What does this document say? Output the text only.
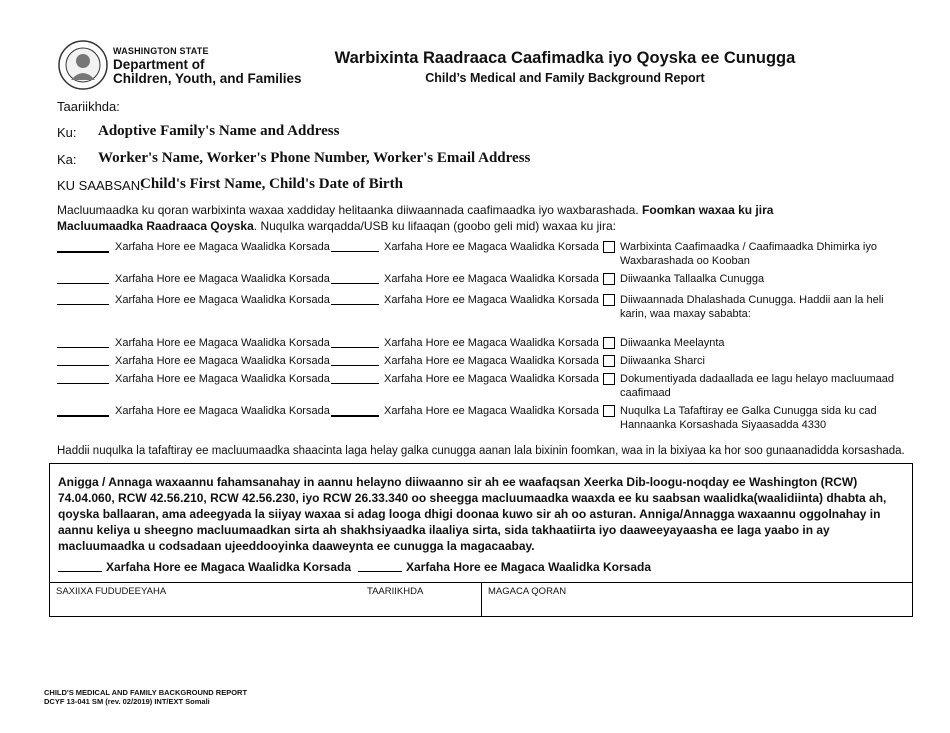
WASHINGTON STATE
Department of
Children, Youth, and Families
Warbixinta Raadraaca Caafimadka iyo Qoyska ee Cunugga
Child’s Medical and Family Background Report
Taariikhda:
Ku: Adoptive Family's Name and Address
Ka: Worker's Name, Worker's Phone Number, Worker's Email Address
KU SAABSAN:
Child's First Name, Child's Date of Birth
Macluumaadka ku qoran warbixinta waxaa xaddiday helitaanka diiwaannada caafimaadka iyo waxbarashada. Foomkan waxaa ku jira Macluumaadka Raadraaca Qoyska. Nuqulka warqadda/USB ku lifaaqan (goobo geli mid) waxaa ku jira:
Xarfaha Hore ee Magaca Waalidka Korsada	Xarfaha Hore ee Magaca Waalidka Korsada Warbixinta Caafimaadka / Caafimaadka Dhimirka iyo Waxbarashada oo Kooban
Xarfaha Hore ee Magaca Waalidka Korsada	Xarfaha Hore ee Magaca Waalidka Korsada Diiwaanka Tallaalka Cunugga
Xarfaha Hore ee Magaca Waalidka Korsada	Xarfaha Hore ee Magaca Waalidka Korsada Diiwaannada Dhalashada Cunugga. Haddii aan la heli karin, waa maxay sababta:
Xarfaha Hore ee Magaca Waalidka Korsada	Xarfaha Hore ee Magaca Waalidka Korsada Diiwaanka Meelaynta
Xarfaha Hore ee Magaca Waalidka Korsada	Xarfaha Hore ee Magaca Waalidka Korsada Diiwaanka Sharci
Xarfaha Hore ee Magaca Waalidka Korsada	Xarfaha Hore ee Magaca Waalidka Korsada Dokumentiyada dadaallada ee lagu helayo macluumaad caafimaad
Xarfaha Hore ee Magaca Waalidka Korsada	Xarfaha Hore ee Magaca Waalidka Korsada Nuqulka La Tafaftiray ee Galka Cunugga sida ku cad Hannaanka Korsashada Siyaasadda 4330
Haddii nuqulka la tafaftiray ee macluumaadka shaacinta laga helay galka cunugga aanan lala bixinin foomkan, waa in la bixiyaa ka hor soo gunaanadidda korsashada.
Anigga / Annaga waxaannu fahamsanahay in aannu helayno diiwaanno sir ah ee waafaqsan Xeerka Dib-loogu-noqday ee Washington (RCW) 74.04.060, RCW 42.56.210, RCW 42.56.230, iyo RCW 26.33.340 oo sheegga macluumaadka waaxda ee ku saabsan waalidka(waalidiinta) dhabta ah, qoyska ballaaran, ama adeegyada la siiyay waxaa si adag looga dhigi doonaa kuwo sir ah oo asturan. Anniga/Annagga waxaannu oggolnahay in aannu keliya u sheegno macluumaadkan sirta ah shakhsiyaadka ilaaliya sirta, sida takhaatiirta iyo daaweeyayaasha ee laga yaabo in ay macluumaadka u codsadaan ujeeddooyinka daaweynta ee cunugga la magacaabay.
Xarfaha Hore ee Magaca Waalidka Korsada	Xarfaha Hore ee Magaca Waalidka Korsada
SAXIIXA FUDUDEEYAHA	TAARIIKHDA	MAGACA QORAN
CHILD'S MEDICAL AND FAMILY BACKGROUND REPORT
DCYF 13-041 SM (rev. 02/2019) INT/EXT Somali
